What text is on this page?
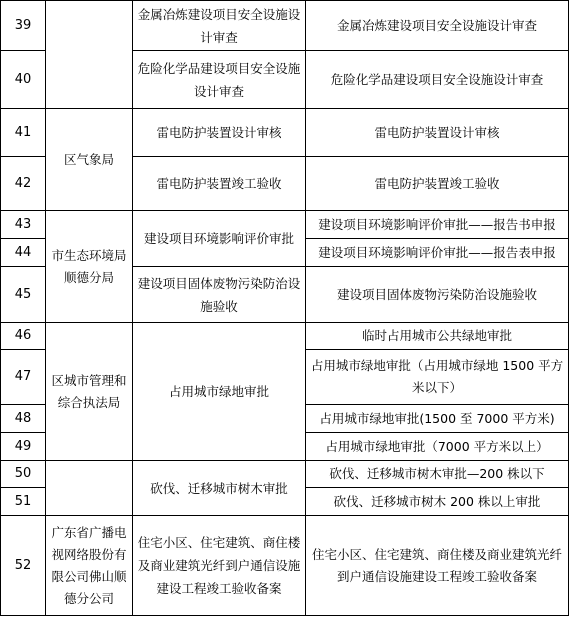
39		金属冶炼建设项目安全设施设计审查	金属冶炼建设项目安全设施设计审查
40		危险化学品建设项目安全设施设计审查	危险化学品建设项目安全设施设计审查
41	区气象局	雷电防护装置设计审核	雷电防护装置设计审核
42		雷电防护装置竣工验收	雷电防护装置竣工验收
43	市生态环境局顺德分局	建设项目环境影响评价审批	建设项目环境影响评价审批——报告书申报
44			建设项目环境影响评价审批——报告表申报
45		建设项目固体废物污染防治设施验收	建设项目固体废物污染防治设施验收
46	区城市管理和综合执法局	占用城市绿地审批	临时占用城市公共绿地审批
47			占用城市绿地审批（占用城市绿地 1500 平方米以下）
48			占用城市绿地审批(1500 至 7000 平方米)
49			占用城市绿地审批（7000 平方米以上）
50		砍伐、迁移城市树木审批	砍伐、迁移城市树木审批—200 株以下
51			砍伐、迁移城市树木 200 株以上审批
52	广东省广播电视网络股份有限公司佛山顺德分公司	住宅小区、住宅建筑、商住楼及商业建筑光纤到户通信设施建设工程竣工验收备案	住宅小区、住宅建筑、商住楼及商业建筑光纤到户通信设施建设工程竣工验收备案
